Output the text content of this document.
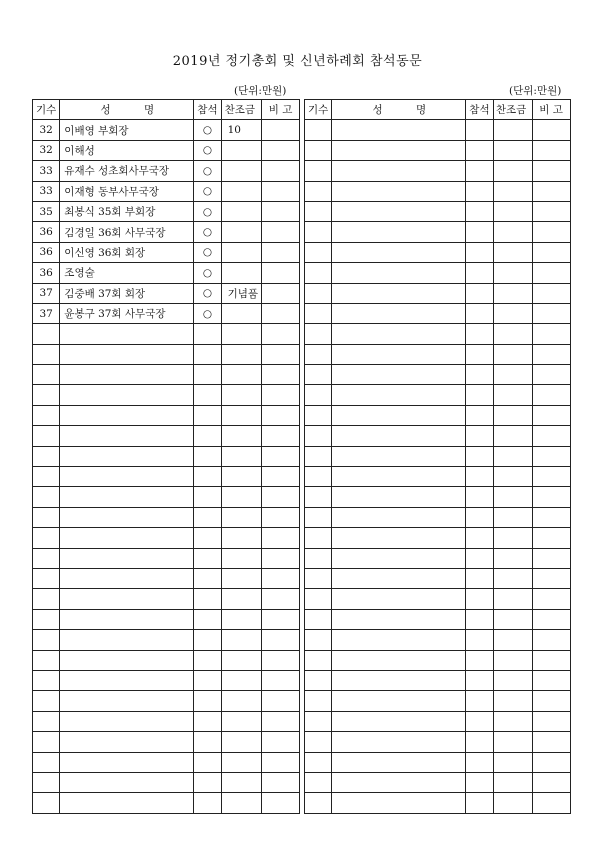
2019년 정기총회 및 신년하례회 참석동문
(단위:만원)	(단위:만원)
기수	성 명	참석	찬조금	비 고
32	이배영 부회장	○	10	
32	이해성	○		
33	유재수 성초회사무국장	○		
33	이재형 동부사무국장	○		
35	최봉식 35회 부회장	○		
36	김경일 36회 사무국장	○		
36	이신영 36회 회장	○		
36	조영술	○		
37	김중배 37회 회장	○	기념품	
37	윤봉구 37회 사무국장	○		

기수	성 명	참석	찬조금	비 고
